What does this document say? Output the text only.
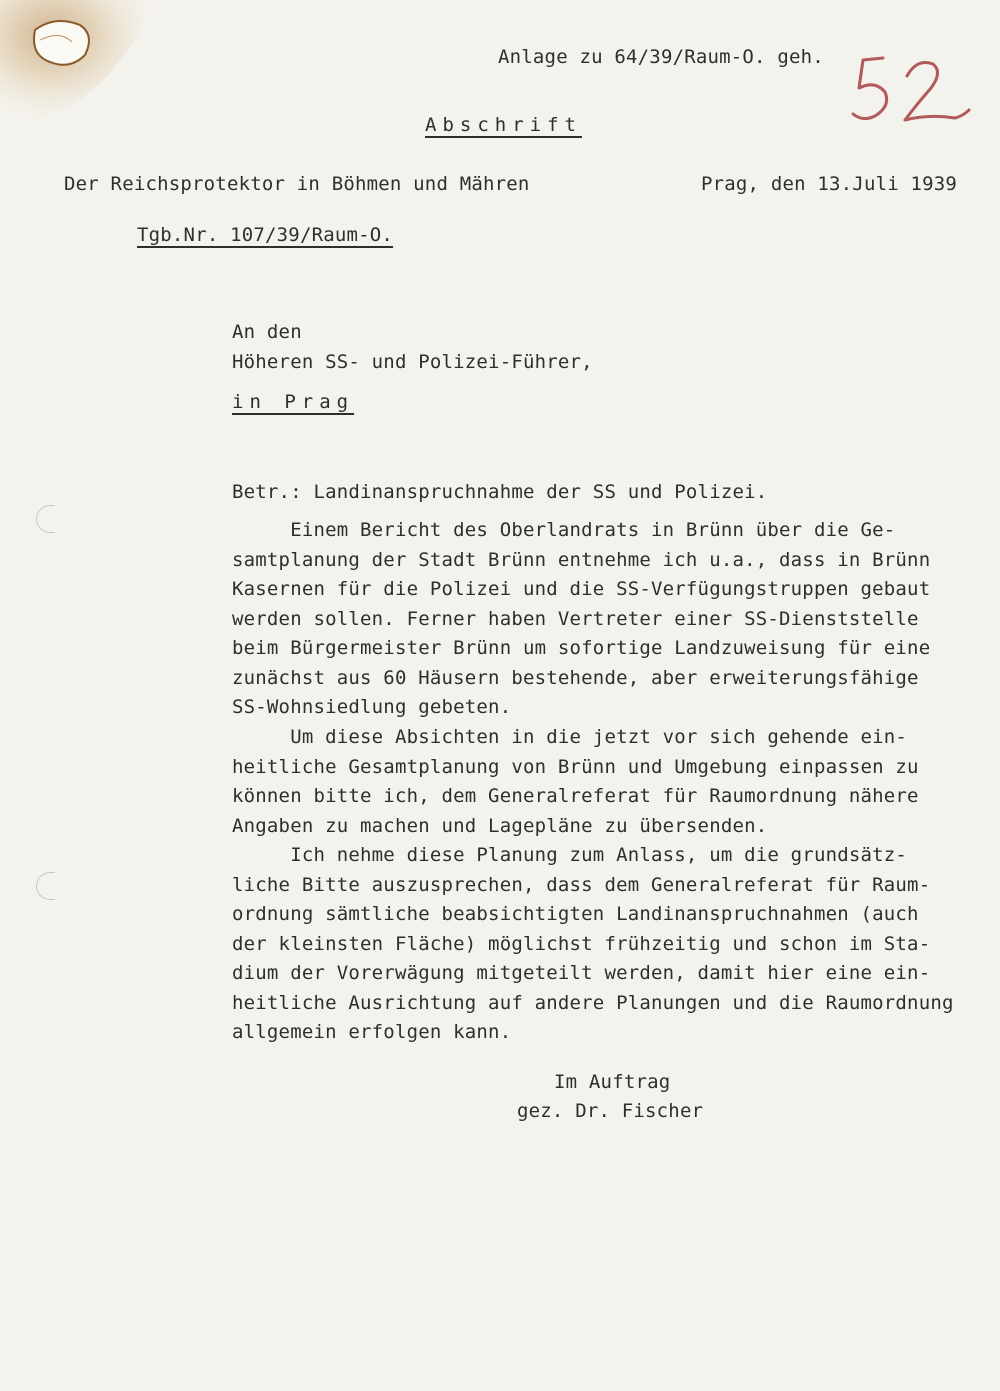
Anlage zu 64/39/Raum-O. geh.
Abschrift
Der Reichsprotektor in Böhmen und Mähren	Prag, den 13.Juli 1939
Tgb.Nr. 107/39/Raum-O.
An den
Höheren SS- und Polizei-Führer,
in Prag
Betr.: Landinanspruchnahme der SS und Polizei.
Einem Bericht des Oberlandrats in Brünn über die Ge-
samtplanung der Stadt Brünn entnehme ich u.a., dass in Brünn
Kasernen für die Polizei und die SS-Verfügungstruppen gebaut
werden sollen. Ferner haben Vertreter einer SS-Dienststelle
beim Bürgermeister Brünn um sofortige Landzuweisung für eine
zunächst aus 60 Häusern bestehende, aber erweiterungsfähige
SS-Wohnsiedlung gebeten.
Um diese Absichten in die jetzt vor sich gehende ein-
heitliche Gesamtplanung von Brünn und Umgebung einpassen zu
können bitte ich, dem Generalreferat für Raumordnung nähere
Angaben zu machen und Lagepläne zu übersenden.
Ich nehme diese Planung zum Anlass, um die grundsätz-
liche Bitte auszusprechen, dass dem Generalreferat für Raum-
ordnung sämtliche beabsichtigten Landinanspruchnahmen (auch
der kleinsten Fläche) möglichst frühzeitig und schon im Sta-
dium der Vorerwägung mitgeteilt werden, damit hier eine ein-
heitliche Ausrichtung auf andere Planungen und die Raumordnung
allgemein erfolgen kann.
Im Auftrag
gez. Dr. Fischer
